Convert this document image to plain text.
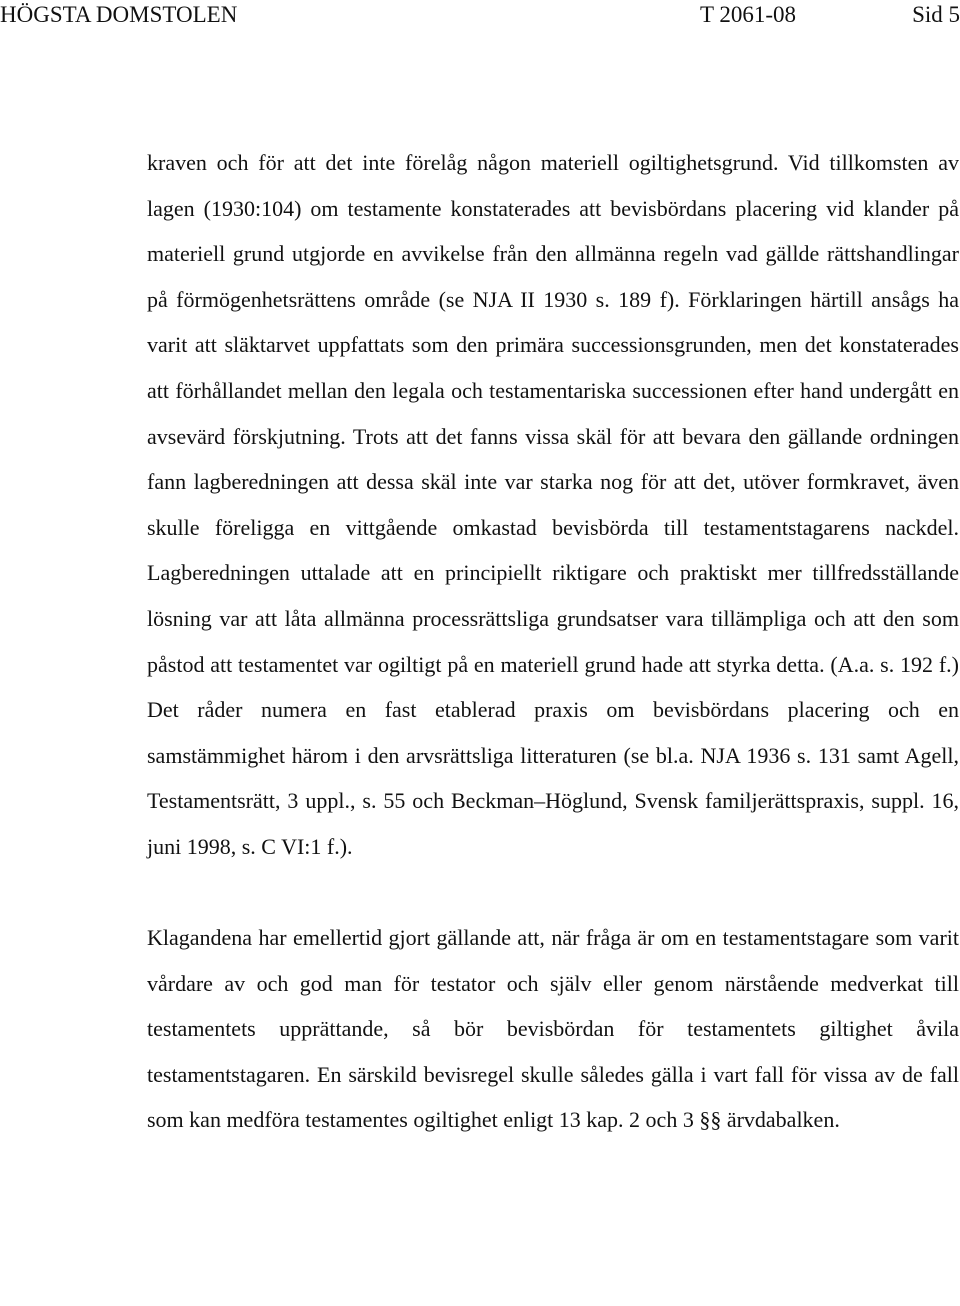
HÖGSTA DOMSTOLEN	T 2061-08	Sid 5

kraven och för att det inte förelåg någon materiell ogiltighetsgrund. Vid tillkomsten av lagen (1930:104) om testamente konstaterades att bevisbördans placering vid klander på materiell grund utgjorde en avvikelse från den allmänna regeln vad gällde rättshandlingar på förmögenhetsrättens område (se NJA II 1930 s. 189 f). Förklaringen härtill ansågs ha varit att släktarvet uppfattats som den primära successionsgrunden, men det konstaterades att förhållandet mellan den legala och testamentariska successionen efter hand undergått en avsevärd förskjutning. Trots att det fanns vissa skäl för att bevara den gällande ordningen fann lagberedningen att dessa skäl inte var starka nog för att det, utöver formkravet, även skulle föreligga en vittgående omkastad bevisbörda till testamentstagarens nackdel. Lagberedningen uttalade att en principiellt riktigare och praktiskt mer tillfredsställande lösning var att låta allmänna processrättsliga grundsatser vara tillämpliga och att den som påstod att testamentet var ogiltigt på en materiell grund hade att styrka detta. (A.a. s. 192 f.) Det råder numera en fast etablerad praxis om bevisbördans placering och en samstämmighet härom i den arvsrättsliga litteraturen (se bl.a. NJA 1936 s. 131 samt Agell, Testamentsrätt, 3 uppl., s. 55 och Beckman–Höglund, Svensk familjerättspraxis, suppl. 16, juni 1998, s. C VI:1 f.).

Klagandena har emellertid gjort gällande att, när fråga är om en testamentstagare som varit vårdare av och god man för testator och själv eller genom närstående medverkat till testamentets upprättande, så bör bevisbördan för testamentets giltighet åvila testamentstagaren. En särskild bevisregel skulle således gälla i vart fall för vissa av de fall som kan medföra testamentes ogiltighet enligt 13 kap. 2 och 3 §§ ärvdabalken.
